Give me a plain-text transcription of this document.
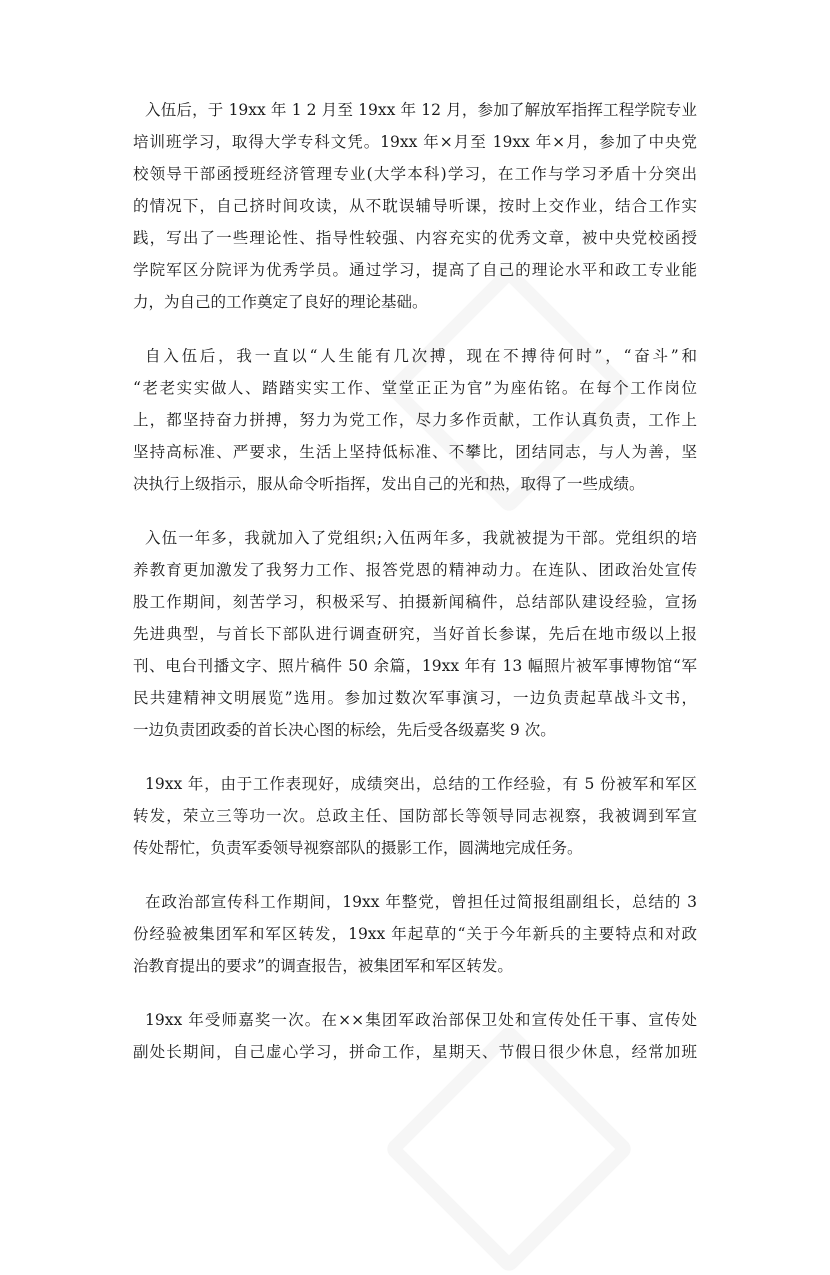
入伍后，于 19xx 年 1 2 月至 19xx 年 12 月，参加了解放军指挥工程学院专业
培训班学习，取得大学专科文凭。19xx 年×月至 19xx 年×月，参加了中央党
校领导干部函授班经济管理专业(大学本科)学习，在工作与学习矛盾十分突出
的情况下，自己挤时间攻读，从不耽误辅导听课，按时上交作业，结合工作实
践，写出了一些理论性、指导性较强、内容充实的优秀文章，被中央党校函授
学院军区分院评为优秀学员。通过学习，提高了自己的理论水平和政工专业能
力，为自己的工作奠定了良好的理论基础。
自入伍后，我一直以“人生能有几次搏，现在不搏待何时”，“奋斗”和
“老老实实做人、踏踏实实工作、堂堂正正为官”为座佑铭。在每个工作岗位
上，都坚持奋力拼搏，努力为党工作，尽力多作贡献，工作认真负责，工作上
坚持高标准、严要求，生活上坚持低标准、不攀比，团结同志，与人为善，坚
决执行上级指示，服从命令听指挥，发出自己的光和热，取得了一些成绩。
入伍一年多，我就加入了党组织;入伍两年多，我就被提为干部。党组织的培
养教育更加激发了我努力工作、报答党恩的精神动力。在连队、团政治处宣传
股工作期间，刻苦学习，积极采写、拍摄新闻稿件，总结部队建设经验，宣扬
先进典型，与首长下部队进行调查研究，当好首长参谋，先后在地市级以上报
刊、电台刊播文字、照片稿件 50 余篇，19xx 年有 13 幅照片被军事博物馆“军
民共建精神文明展览”选用。参加过数次军事演习，一边负责起草战斗文书，
一边负责团政委的首长决心图的标绘，先后受各级嘉奖 9 次。
19xx 年，由于工作表现好，成绩突出，总结的工作经验，有 5 份被军和军区
转发，荣立三等功一次。总政主任、国防部长等领导同志视察，我被调到军宣
传处帮忙，负责军委领导视察部队的摄影工作，圆满地完成任务。
在政治部宣传科工作期间，19xx 年整党，曾担任过简报组副组长，总结的 3
份经验被集团军和军区转发，19xx 年起草的“关于今年新兵的主要特点和对政
治教育提出的要求”的调查报告，被集团军和军区转发。
19xx 年受师嘉奖一次。在××集团军政治部保卫处和宣传处任干事、宣传处
副处长期间，自己虚心学习，拼命工作，星期天、节假日很少休息，经常加班
